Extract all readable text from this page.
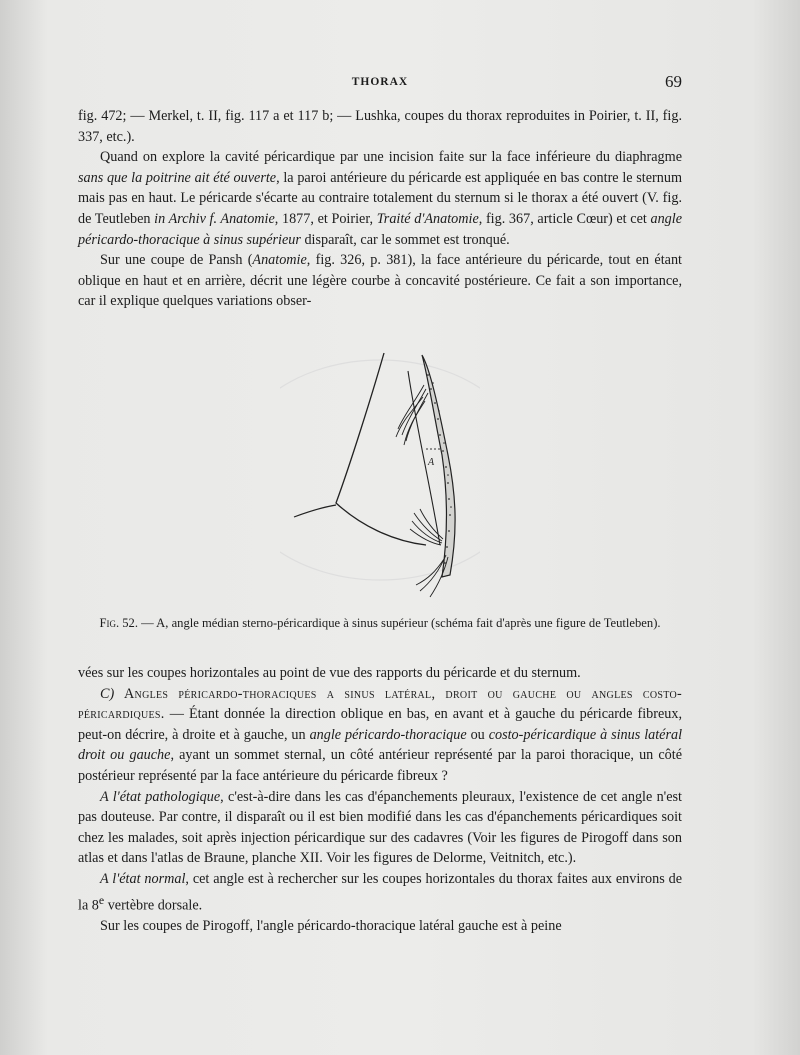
THORAX	69

fig. 472; — Merkel, t. II, fig. 117 a et 117 b; — Lushka, coupes du thorax reproduites in Poirier, t. II, fig. 337, etc.).

Quand on explore la cavité péricardique par une incision faite sur la face inférieure du diaphragme sans que la poitrine ait été ouverte, la paroi antérieure du péricarde est appliquée en bas contre le sternum mais pas en haut. Le péricarde s'écarte au contraire totalement du sternum si le thorax a été ouvert (V. fig. de Teutleben in Archiv f. Anatomie, 1877, et Poirier, Traité d'Anatomie, fig. 367, article Cœur) et cet angle péricardo-thoracique à sinus supérieur disparaît, car le sommet est tronqué.

Sur une coupe de Pansh (Anatomie, fig. 326, p. 381), la face antérieure du péricarde, tout en étant oblique en haut et en arrière, décrit une légère courbe à concavité postérieure. Ce fait a son importance, car il explique quelques variations obser-

A
Fig. 52. — A, angle médian sterno-péricardique à sinus supérieur (schéma fait d'après une figure de Teutleben).

vées sur les coupes horizontales au point de vue des rapports du péricarde et du sternum.

C) Angles péricardo-thoraciques a sinus latéral, droit ou gauche ou angles costo-péricardiques. — Étant donnée la direction oblique en bas, en avant et à gauche du péricarde fibreux, peut-on décrire, à droite et à gauche, un angle péricardo-thoracique ou costo-péricardique à sinus latéral droit ou gauche, ayant un sommet sternal, un côté antérieur représenté par la paroi thoracique, un côté postérieur représenté par la face antérieure du péricarde fibreux ?

A l'état pathologique, c'est-à-dire dans les cas d'épanchements pleuraux, l'existence de cet angle n'est pas douteuse. Par contre, il disparaît ou il est bien modifié dans les cas d'épanchements péricardiques soit chez les malades, soit après injection péricardique sur des cadavres (Voir les figures de Pirogoff dans son atlas et dans l'atlas de Braune, planche XII. Voir les figures de Delorme, Veitnitch, etc.).

A l'état normal, cet angle est à rechercher sur les coupes horizontales du thorax faites aux environs de la 8e vertèbre dorsale.

Sur les coupes de Pirogoff, l'angle péricardo-thoracique latéral gauche est à peine
